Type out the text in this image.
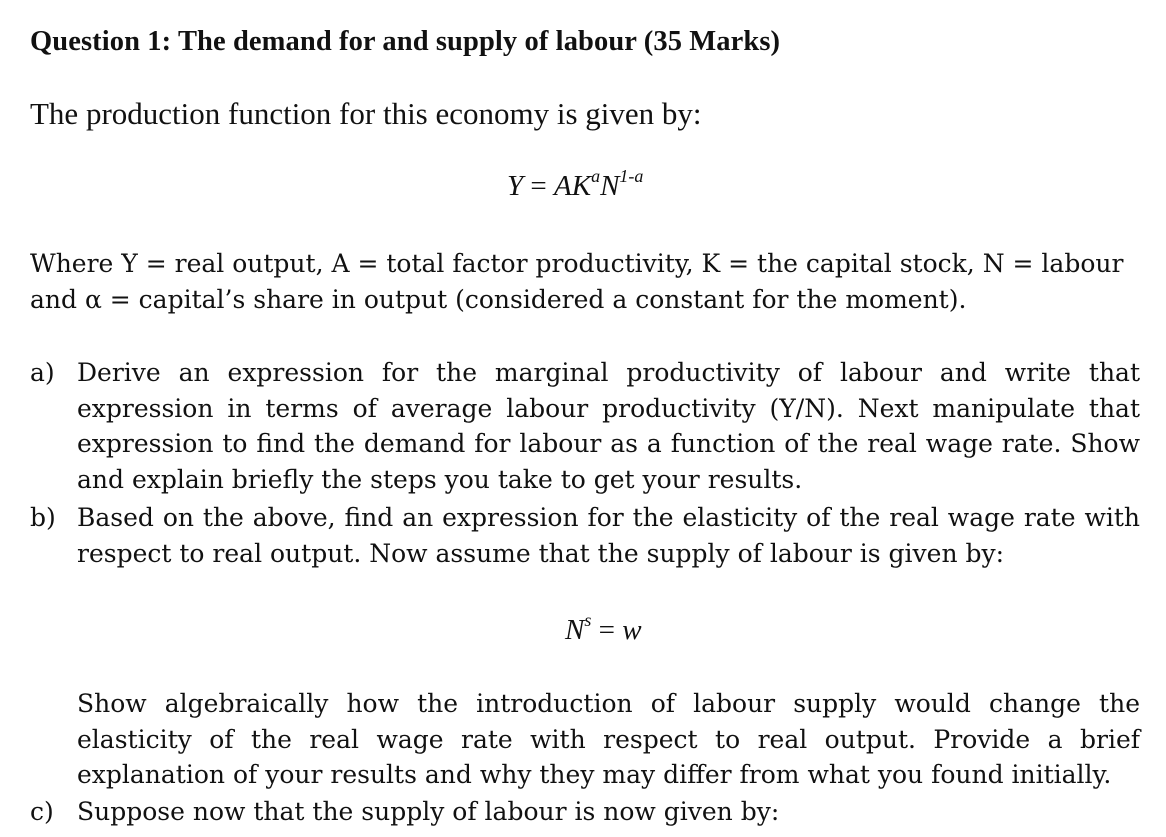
Question 1: The demand for and supply of labour (35 Marks)
The production function for this economy is given by:
$Y = AK^aN^{1-a}$
Where Y = real output, A = total factor productivity, K = the capital stock, N = labour
and α = capital’s share in output (considered a constant for the moment).
a) Derive an expression for the marginal productivity of labour and write that
expression in terms of average labour productivity (Y/N). Next manipulate that
expression to find the demand for labour as a function of the real wage rate. Show
and explain briefly the steps you take to get your results.
b) Based on the above, find an expression for the elasticity of the real wage rate with
respect to real output. Now assume that the supply of labour is given by:
$N^s = w$
Show algebraically how the introduction of labour supply would change the
elasticity of the real wage rate with respect to real output. Provide a brief
explanation of your results and why they may differ from what you found initially.
c) Suppose now that the supply of labour is now given by:
